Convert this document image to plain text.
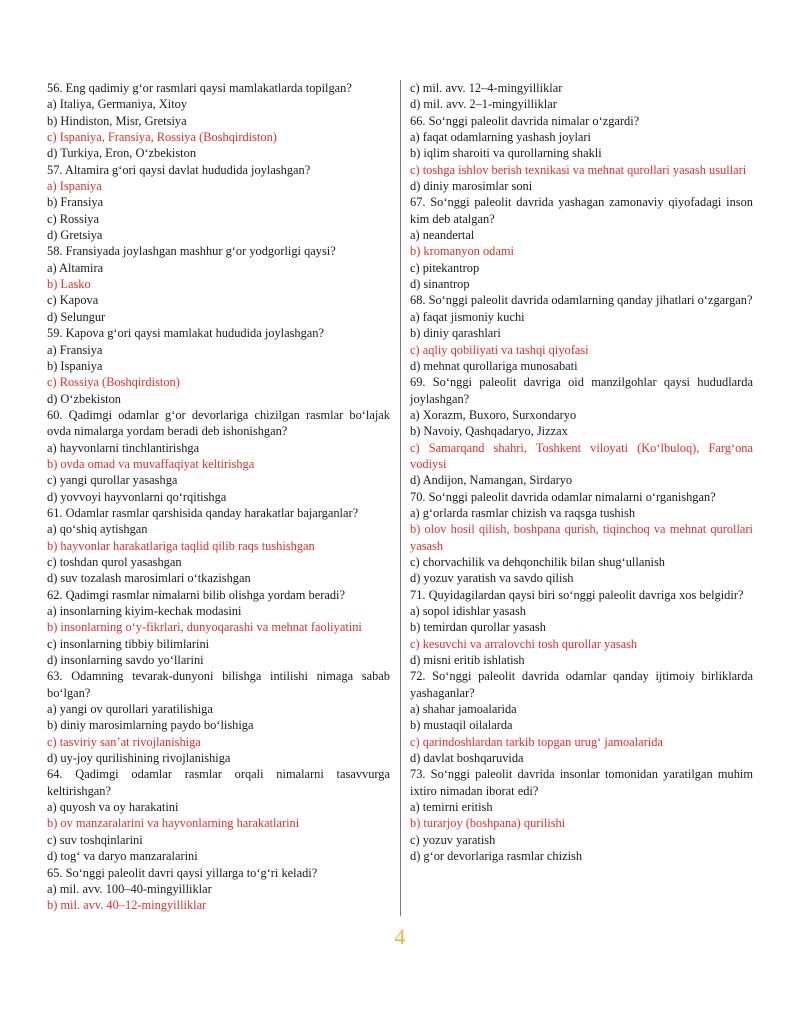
56. Eng qadimiy g‘or rasmlari qaysi mamlakatlarda topilgan?
a) Italiya, Germaniya, Xitoy
b) Hindiston, Misr, Gretsiya
c) Ispaniya, Fransiya, Rossiya (Boshqirdiston)
d) Turkiya, Eron, O‘zbekiston
57. Altamira g‘ori qaysi davlat hududida joylashgan?
a) Ispaniya
b) Fransiya
c) Rossiya
d) Gretsiya
58. Fransiyada joylashgan mashhur g‘or yodgorligi qaysi?
a) Altamira
b) Lasko
c) Kapova
d) Selungur
59. Kapova g‘ori qaysi mamlakat hududida joylashgan?
a) Fransiya
b) Ispaniya
c) Rossiya (Boshqirdiston)
d) O‘zbekiston
60. Qadimgi odamlar g‘or devorlariga chizilgan rasmlar bo‘lajak ovda nimalarga yordam beradi deb ishonishgan?
a) hayvonlarni tinchlantirishga
b) ovda omad va muvaffaqiyat keltirishga
c) yangi qurollar yasashga
d) yovvoyi hayvonlarni qo‘rqitishga
61. Odamlar rasmlar qarshisida qanday harakatlar bajarganlar?
a) qo‘shiq aytishgan
b) hayvonlar harakatlariga taqlid qilib raqs tushishgan
c) toshdan qurol yasashgan
d) suv tozalash marosimlari o‘tkazishgan
62. Qadimgi rasmlar nimalarni bilib olishga yordam beradi?
a) insonlarning kiyim-kechak modasini
b) insonlarning o‘y-fikrlari, dunyoqarashi va mehnat faoliyatini
c) insonlarning tibbiy bilimlarini
d) insonlarning savdo yo‘llarini
63. Odamning tevarak-dunyoni bilishga intilishi nimaga sabab bo‘lgan?
a) yangi ov qurollari yaratilishiga
b) diniy marosimlarning paydo bo‘lishiga
c) tasviriy san’at rivojlanishiga
d) uy-joy qurilishining rivojlanishiga
64. Qadimgi odamlar rasmlar orqali nimalarni tasavvurga keltirishgan?
a) quyosh va oy harakatini
b) ov manzaralarini va hayvonlarning harakatlarini
c) suv toshqinlarini
d) tog‘ va daryo manzaralarini
65. So‘nggi paleolit davri qaysi yillarga to‘g‘ri keladi?
a) mil. avv. 100–40-mingyilliklar
b) mil. avv. 40–12-mingyilliklar
c) mil. avv. 12–4-mingyilliklar
d) mil. avv. 2–1-mingyilliklar
66. So‘nggi paleolit davrida nimalar o‘zgardi?
a) faqat odamlarning yashash joylari
b) iqlim sharoiti va qurollarning shakli
c) toshga ishlov berish texnikasi va mehnat qurollari yasash usullari
d) diniy marosimlar soni
67. So‘nggi paleolit davrida yashagan zamonaviy qiyofadagi inson kim deb atalgan?
a) neandertal
b) kromanyon odami
c) pitekantrop
d) sinantrop
68. So‘nggi paleolit davrida odamlarning qanday jihatlari o‘zgargan?
a) faqat jismoniy kuchi
b) diniy qarashlari
c) aqliy qobiliyati va tashqi qiyofasi
d) mehnat qurollariga munosabati
69. So‘nggi paleolit davriga oid manzilgohlar qaysi hududlarda joylashgan?
a) Xorazm, Buxoro, Surxondaryo
b) Navoiy, Qashqadaryo, Jizzax
c) Samarqand shahri, Toshkent viloyati (Ko‘lbuloq), Farg‘ona vodiysi
d) Andijon, Namangan, Sirdaryo
70. So‘nggi paleolit davrida odamlar nimalarni o‘rganishgan?
a) g‘orlarda rasmlar chizish va raqsga tushish
b) olov hosil qilish, boshpana qurish, tiqinchoq va mehnat qurollari yasash
c) chorvachilik va dehqonchilik bilan shug‘ullanish
d) yozuv yaratish va savdo qilish
71. Quyidagilardan qaysi biri so‘nggi paleolit davriga xos belgidir?
a) sopol idishlar yasash
b) temirdan qurollar yasash
c) kesuvchi va arralovchi tosh qurollar yasash
d) misni eritib ishlatish
72. So‘nggi paleolit davrida odamlar qanday ijtimoiy birliklarda yashaganlar?
a) shahar jamoalarida
b) mustaqil oilalarda
c) qarindoshlardan tarkib topgan urug‘ jamoalarida
d) davlat boshqaruvida
73. So‘nggi paleolit davrida insonlar tomonidan yaratilgan muhim ixtiro nimadan iborat edi?
a) temirni eritish
b) turarjoy (boshpana) qurilishi
c) yozuv yaratish
d) g‘or devorlariga rasmlar chizish
4
